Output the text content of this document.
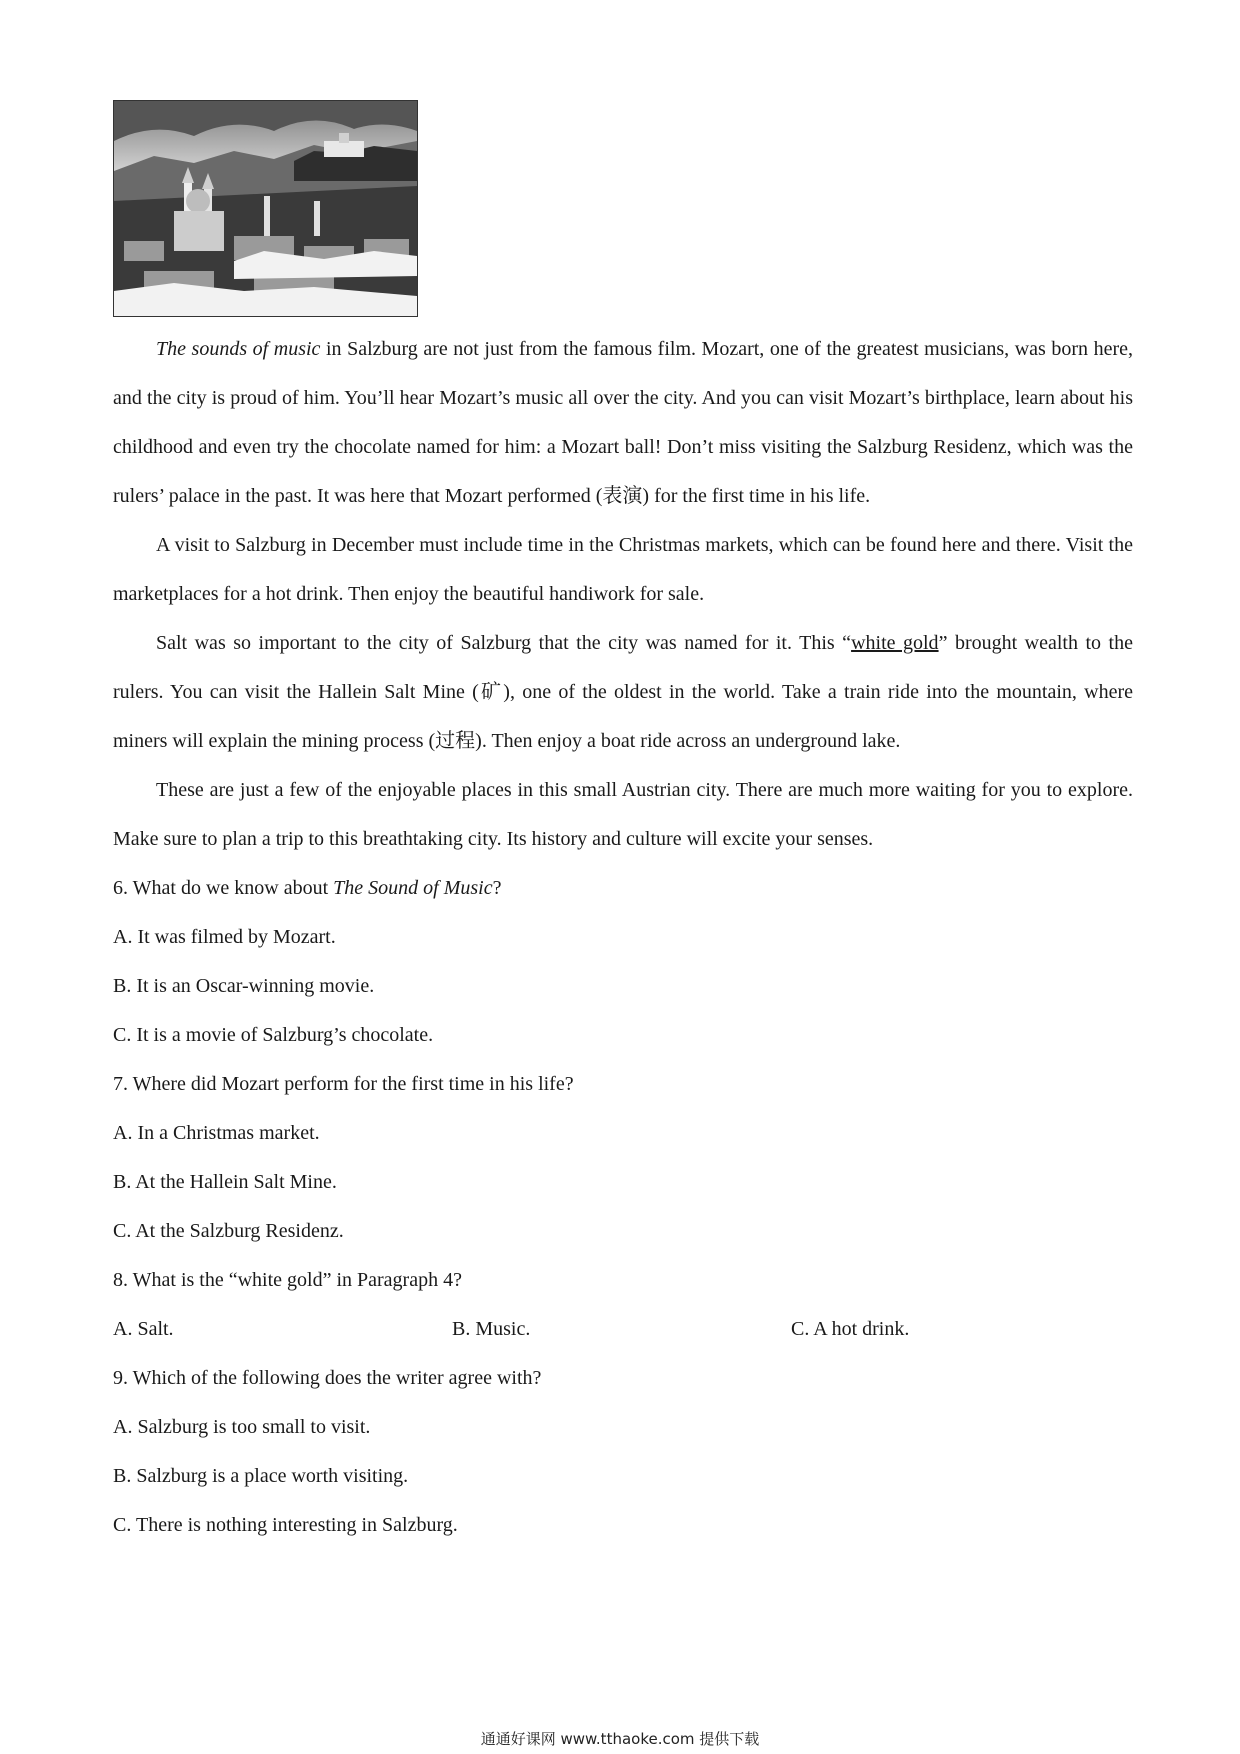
The sounds of music in Salzburg are not just from the famous film. Mozart, one of the greatest musicians, was born here, and the city is proud of him. You’ll hear Mozart’s music all over the city. And you can visit Mozart’s birthplace, learn about his childhood and even try the chocolate named for him: a Mozart ball! Don’t miss visiting the Salzburg Residenz, which was the rulers’ palace in the past. It was here that Mozart performed (表演) for the first time in his life.

A visit to Salzburg in December must include time in the Christmas markets, which can be found here and there. Visit the marketplaces for a hot drink. Then enjoy the beautiful handiwork for sale.

Salt was so important to the city of Salzburg that the city was named for it. This “white gold” brought wealth to the rulers. You can visit the Hallein Salt Mine (矿), one of the oldest in the world. Take a train ride into the mountain, where miners will explain the mining process (过程). Then enjoy a boat ride across an underground lake.

These are just a few of the enjoyable places in this small Austrian city. There are much more waiting for you to explore. Make sure to plan a trip to this breathtaking city. Its history and culture will excite your senses.

6. What do we know about The Sound of Music?

A. It was filmed by Mozart.

B. It is an Oscar-winning movie.

C. It is a movie of Salzburg’s chocolate.

7. Where did Mozart perform for the first time in his life?

A. In a Christmas market.

B. At the Hallein Salt Mine.

C. At the Salzburg Residenz.

8. What is the “white gold” in Paragraph 4?

A. Salt.	B. Music.	C. A hot drink.

9. Which of the following does the writer agree with?

A. Salzburg is too small to visit.

B. Salzburg is a place worth visiting.

C. There is nothing interesting in Salzburg.

通通好课网 www.tthaoke.com 提供下载
